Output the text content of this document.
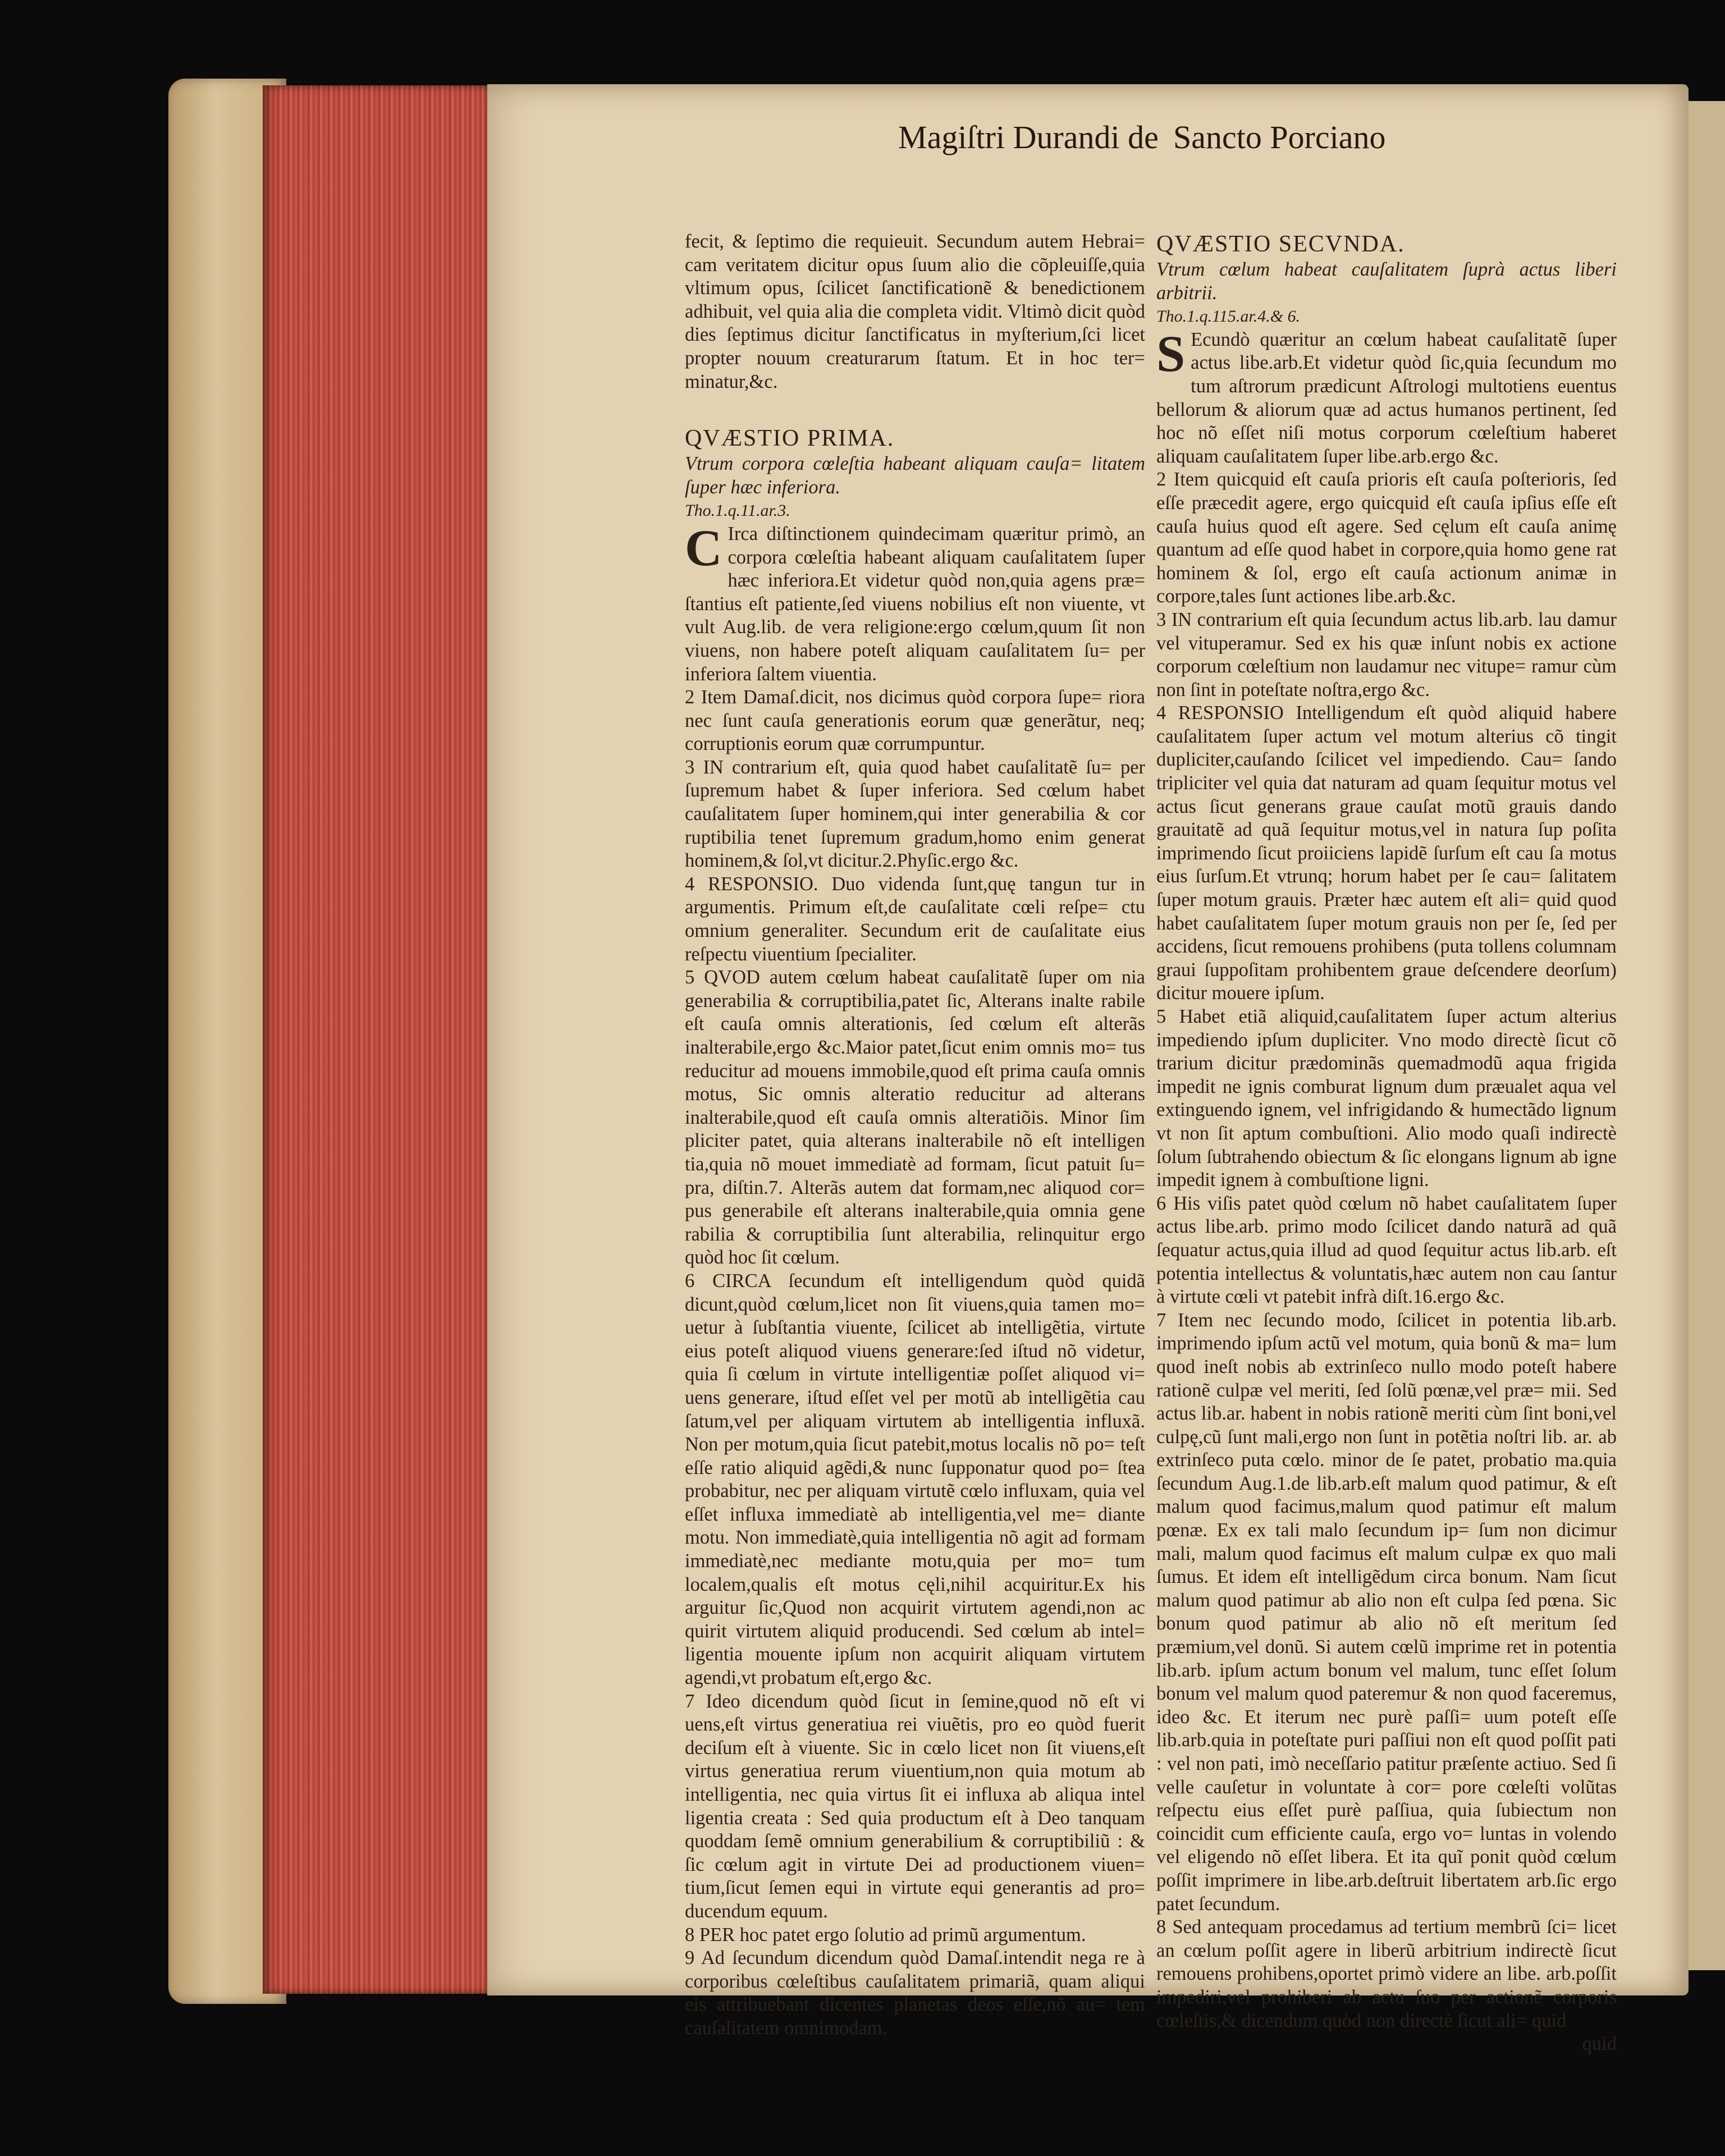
Magiſtri Durandi de Sancto Porciano

fecit, & ſeptimo die requieuit. Secundum autem Hebrai= cam veritatem dicitur opus ſuum alio die cõpleuiſſe,quia vltimum opus, ſcilicet ſanctificationẽ & benedictionem adhibuit, vel quia alia die completa vidit. Vltimò dicit quòd dies ſeptimus dicitur ſanctificatus in myſterium,ſci licet propter nouum creaturarum ſtatum. Et in hoc ter= minatur,&c.

QVÆSTIO PRIMA.

Vtrum corpora cœleſtia habeant aliquam cauſa= litatem ſuper hæc inferiora.

Tho.1.q.11.ar.3.

C Irca diſtinctionem quindecimam quæritur primò, an corpora cœleſtia habeant aliquam cauſalitatem ſuper hæc inferiora.Et videtur quòd non,quia agens præ= ſtantius eſt patiente,ſed viuens nobilius eſt non viuente, vt vult Aug.lib. de vera religione:ergo cœlum,quum ſit non viuens, non habere poteſt aliquam cauſalitatem ſu= per inferiora ſaltem viuentia.

2 Item Damaſ.dicit, nos dicimus quòd corpora ſupe= riora nec ſunt cauſa generationis eorum quæ generãtur, neq; corruptionis eorum quæ corrumpuntur.

3 IN contrarium eſt, quia quod habet cauſalitatẽ ſu= per ſupremum habet & ſuper inferiora. Sed cœlum habet cauſalitatem ſuper hominem,qui inter generabilia & cor ruptibilia tenet ſupremum gradum,homo enim generat hominem,& ſol,vt dicitur.2.Phyſic.ergo &c.

4 RESPONSIO. Duo videnda ſunt,quę tangun tur in argumentis. Primum eſt,de cauſalitate cœli reſpe= ctu omnium generaliter. Secundum erit de cauſalitate eius reſpectu viuentium ſpecialiter.

5 QVOD autem cœlum habeat cauſalitatẽ ſuper om nia generabilia & corruptibilia,patet ſic, Alterans inalte rabile eſt cauſa omnis alterationis, ſed cœlum eſt alterãs inalterabile,ergo &c.Maior patet,ſicut enim omnis mo= tus reducitur ad mouens immobile,quod eſt prima cauſa omnis motus, Sic omnis alteratio reducitur ad alterans inalterabile,quod eſt cauſa omnis alteratiõis. Minor ſim pliciter patet, quia alterans inalterabile nõ eſt intelligen tia,quia nõ mouet immediatè ad formam, ſicut patuit ſu= pra, diſtin.7. Alterãs autem dat formam,nec aliquod cor= pus generabile eſt alterans inalterabile,quia omnia gene rabilia & corruptibilia ſunt alterabilia, relinquitur ergo quòd hoc ſit cœlum.

6 CIRCA ſecundum eſt intelligendum quòd quidã dicunt,quòd cœlum,licet non ſit viuens,quia tamen mo= uetur à ſubſtantia viuente, ſcilicet ab intelligẽtia, virtute eius poteſt aliquod viuens generare:ſed iſtud nõ videtur, quia ſi cœlum in virtute intelligentiæ poſſet aliquod vi= uens generare, iſtud eſſet vel per motũ ab intelligẽtia cau ſatum,vel per aliquam virtutem ab intelligentia influxã. Non per motum,quia ſicut patebit,motus localis nõ po= teſt eſſe ratio aliquid agẽdi,& nunc ſupponatur quod po= ſtea probabitur, nec per aliquam virtutẽ cœlo influxam, quia vel eſſet influxa immediatè ab intelligentia,vel me= diante motu. Non immediatè,quia intelligentia nõ agit ad formam immediatè,nec mediante motu,quia per mo= tum localem,qualis eſt motus cęli,nihil acquiritur.Ex his arguitur ſic,Quod non acquirit virtutem agendi,non ac quirit virtutem aliquid producendi. Sed cœlum ab intel= ligentia mouente ipſum non acquirit aliquam virtutem agendi,vt probatum eſt,ergo &c.

7 Ideo dicendum quòd ſicut in ſemine,quod nõ eſt vi uens,eſt virtus generatiua rei viuẽtis, pro eo quòd fuerit deciſum eſt à viuente. Sic in cœlo licet non ſit viuens,eſt virtus generatiua rerum viuentium,non quia motum ab intelligentia, nec quia virtus ſit ei influxa ab aliqua intel ligentia creata : Sed quia productum eſt à Deo tanquam quoddam ſemẽ omnium generabilium & corruptibiliũ : & ſic cœlum agit in virtute Dei ad productionem viuen= tium,ſicut ſemen equi in virtute equi generantis ad pro= ducendum equum.

8 PER hoc patet ergo ſolutio ad primũ argumentum.

9 Ad ſecundum dicendum quòd Damaſ.intendit nega re à corporibus cœleſtibus cauſalitatem primariã, quam aliqui eis attribuebant dicentes planetas deos eſſe,nõ au= tem cauſalitatem omnimodam.

QVÆSTIO SECVNDA.

Vtrum cœlum habeat cauſalitatem ſuprà actus liberi arbitrii.

Tho.1.q.115.ar.4.& 6.

S Ecundò quæritur an cœlum habeat cauſalitatẽ ſuper actus libe.arb.Et videtur quòd ſic,quia ſecundum mo tum aſtrorum prædicunt Aſtrologi multotiens euentus bellorum & aliorum quæ ad actus humanos pertinent, ſed hoc nõ eſſet niſi motus corporum cœleſtium haberet aliquam cauſalitatem ſuper libe.arb.ergo &c.

2 Item quicquid eſt cauſa prioris eſt cauſa poſterioris, ſed eſſe præcedit agere, ergo quicquid eſt cauſa ipſius eſſe eſt cauſa huius quod eſt agere. Sed cęlum eſt cauſa animę quantum ad eſſe quod habet in corpore,quia homo gene rat hominem & ſol, ergo eſt cauſa actionum animæ in corpore,tales ſunt actiones libe.arb.&c.

3 IN contrarium eſt quia ſecundum actus lib.arb. lau damur vel vituperamur. Sed ex his quæ inſunt nobis ex actione corporum cœleſtium non laudamur nec vitupe= ramur cùm non ſint in poteſtate noſtra,ergo &c.

4 RESPONSIO Intelligendum eſt quòd aliquid habere cauſalitatem ſuper actum vel motum alterius cõ tingit dupliciter,cauſando ſcilicet vel impediendo. Cau= ſando tripliciter vel quia dat naturam ad quam ſequitur motus vel actus ſicut generans graue cauſat motũ grauis dando grauitatẽ ad quã ſequitur motus,vel in natura ſup poſita imprimendo ſicut proiiciens lapidẽ ſurſum eſt cau ſa motus eius ſurſum.Et vtrunq; horum habet per ſe cau= ſalitatem ſuper motum grauis. Præter hæc autem eſt ali= quid quod habet cauſalitatem ſuper motum grauis non per ſe, ſed per accidens, ſicut remouens prohibens (puta tollens columnam graui ſuppoſitam prohibentem graue deſcendere deorſum) dicitur mouere ipſum.

5 Habet etiã aliquid,cauſalitatem ſuper actum alterius impediendo ipſum dupliciter. Vno modo directè ſicut cõ trarium dicitur prædominãs quemadmodũ aqua frigida impedit ne ignis comburat lignum dum præualet aqua vel extinguendo ignem, vel infrigidando & humectãdo lignum vt non ſit aptum combuſtioni. Alio modo quaſi indirectè ſolum ſubtrahendo obiectum & ſic elongans lignum ab igne impedit ignem à combuſtione ligni.

6 His viſis patet quòd cœlum nõ habet cauſalitatem ſuper actus libe.arb. primo modo ſcilicet dando naturã ad quã ſequatur actus,quia illud ad quod ſequitur actus lib.arb. eſt potentia intellectus & voluntatis,hæc autem non cau ſantur à virtute cœli vt patebit infrà diſt.16.ergo &c.

7 Item nec ſecundo modo, ſcilicet in potentia lib.arb. imprimendo ipſum actũ vel motum, quia bonũ & ma= lum quod ineſt nobis ab extrinſeco nullo modo poteſt habere rationẽ culpæ vel meriti, ſed ſolũ pœnæ,vel præ= mii. Sed actus lib.ar. habent in nobis rationẽ meriti cùm ſint boni,vel culpę,cũ ſunt mali,ergo non ſunt in potẽtia noſtri lib. ar. ab extrinſeco puta cœlo. minor de ſe patet, probatio ma.quia ſecundum Aug.1.de lib.arb.eſt malum quod patimur, & eſt malum quod facimus,malum quod patimur eſt malum pœnæ. Ex ex tali malo ſecundum ip= ſum non dicimur mali, malum quod facimus eſt malum culpæ ex quo mali ſumus. Et idem eſt intelligẽdum circa bonum. Nam ſicut malum quod patimur ab alio non eſt culpa ſed pœna. Sic bonum quod patimur ab alio nõ eſt meritum ſed præmium,vel donũ. Si autem cœlũ imprime ret in potentia lib.arb. ipſum actum bonum vel malum, tunc eſſet ſolum bonum vel malum quod pateremur & non quod faceremus, ideo &c. Et iterum nec purè paſſi= uum poteſt eſſe lib.arb.quia in poteſtate puri paſſiui non eſt quod poſſit pati : vel non pati, imò neceſſario patitur præſente actiuo. Sed ſi velle cauſetur in voluntate à cor= pore cœleſti volũtas reſpectu eius eſſet purè paſſiua, quia ſubiectum non coincidit cum efficiente cauſa, ergo vo= luntas in volendo vel eligendo nõ eſſet libera. Et ita quĩ ponit quòd cœlum poſſit imprimere in libe.arb.deſtruit libertatem arb.ſic ergo patet ſecundum.

8 Sed antequam procedamus ad tertium membrũ ſci= licet an cœlum poſſit agere in liberũ arbitrium indirectè ſicut remouens prohibens,oportet primò videre an libe. arb.poſſit impediri,vel prohiberi ab actu ſuo per actionẽ corporis cœleſtis,& dicendum quòd non directè ſicut ali= quid

quid
